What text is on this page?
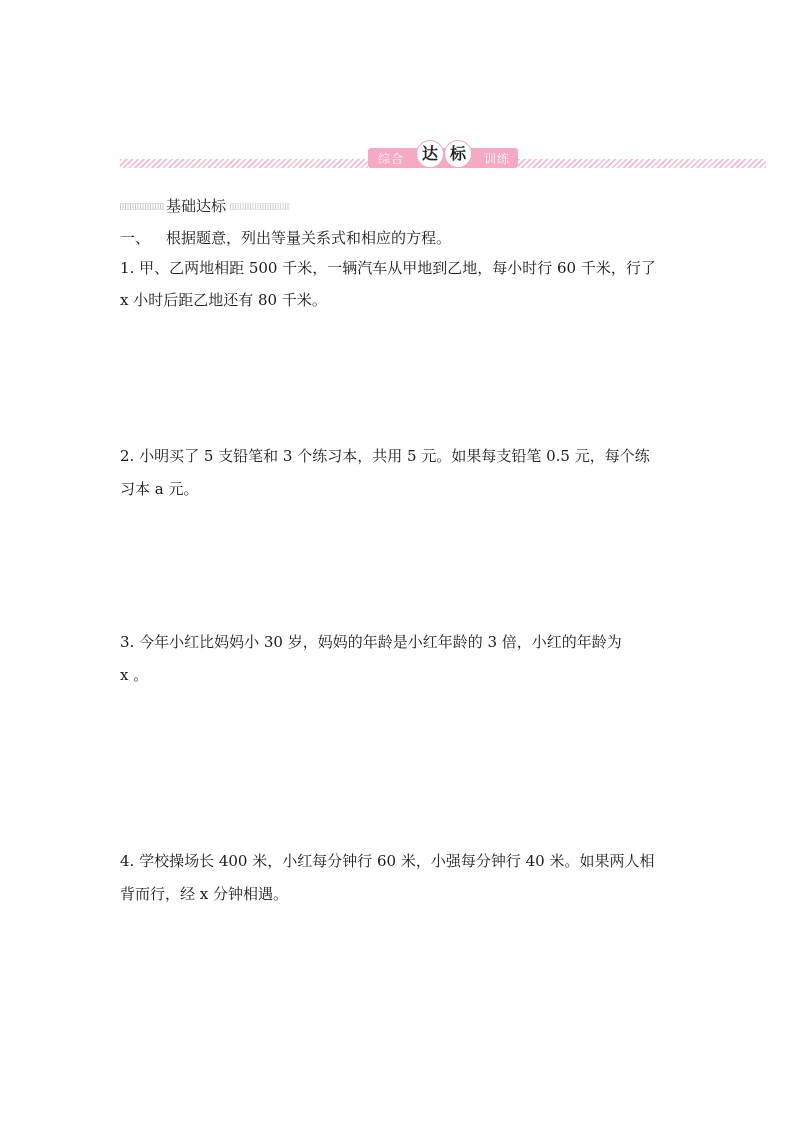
综合	训练
达 标
基础达标
一、 根据题意，列出等量关系式和相应的方程。
1. 甲、乙两地相距 500 千米，一辆汽车从甲地到乙地，每小时行 60 千米，行了
x 小时后距乙地还有 80 千米。
2. 小明买了 5 支铅笔和 3 个练习本，共用 5 元。如果每支铅笔 0.5 元，每个练
习本 a 元。
3. 今年小红比妈妈小 30 岁，妈妈的年龄是小红年龄的 3 倍，小红的年龄为
x 。
4. 学校操场长 400 米，小红每分钟行 60 米，小强每分钟行 40 米。如果两人相
背而行，经 x 分钟相遇。
